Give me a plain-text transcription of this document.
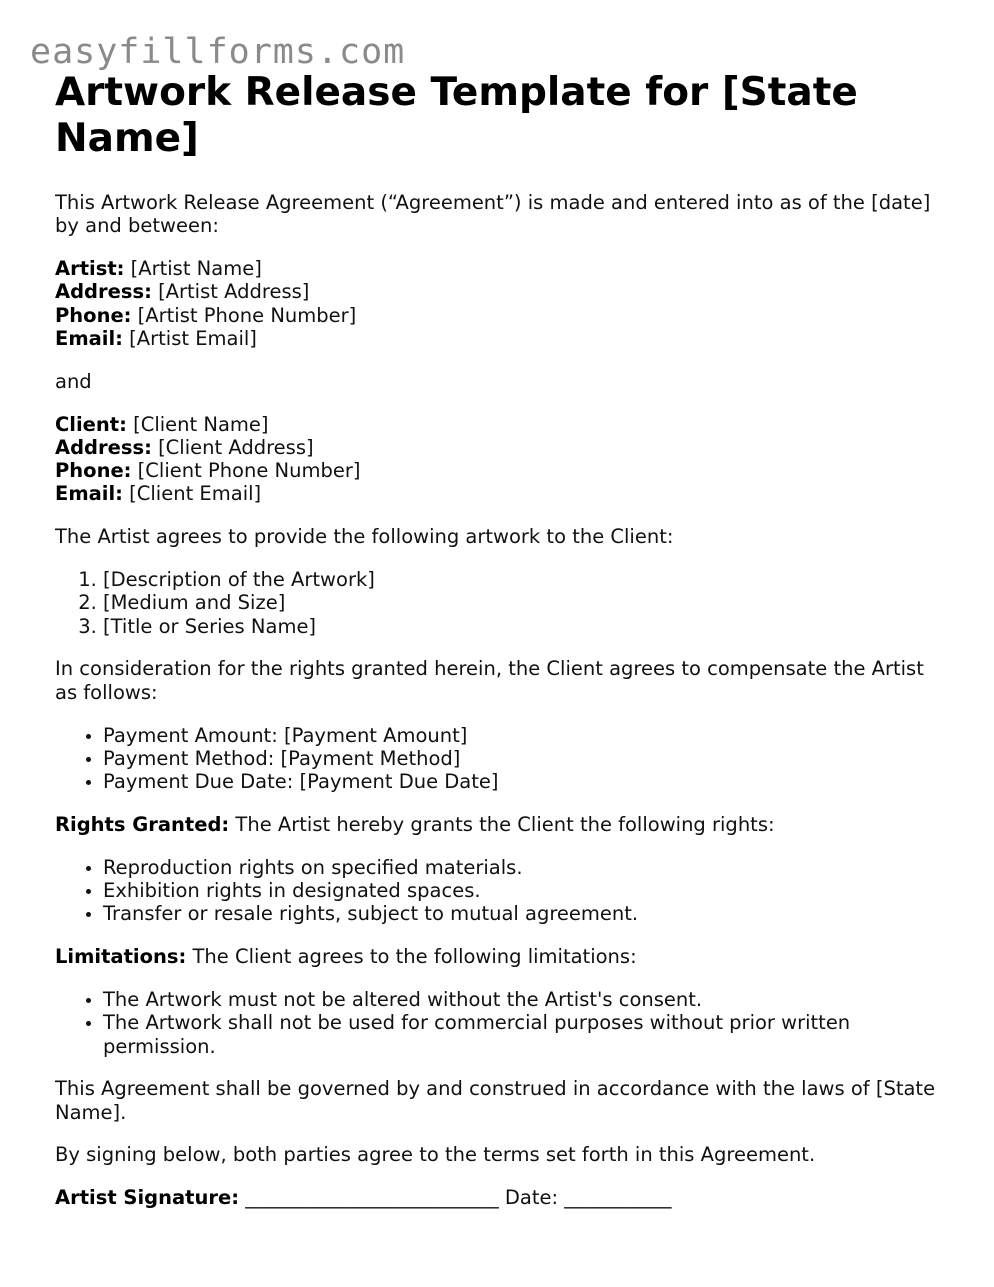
easyfillforms.com
Artwork Release Template for [State Name]

This Artwork Release Agreement (“Agreement”) is made and entered into as of the [date] by and between:

Artist: [Artist Name]
Address: [Artist Address]
Phone: [Artist Phone Number]
Email: [Artist Email]

and

Client: [Client Name]
Address: [Client Address]
Phone: [Client Phone Number]
Email: [Client Email]

The Artist agrees to provide the following artwork to the Client:

1. [Description of the Artwork]
2. [Medium and Size]
3. [Title or Series Name]

In consideration for the rights granted herein, the Client agrees to compensate the Artist as follows:

• Payment Amount: [Payment Amount]
• Payment Method: [Payment Method]
• Payment Due Date: [Payment Due Date]

Rights Granted: The Artist hereby grants the Client the following rights:

• Reproduction rights on specified materials.
• Exhibition rights in designated spaces.
• Transfer or resale rights, subject to mutual agreement.

Limitations: The Client agrees to the following limitations:

• The Artwork must not be altered without the Artist's consent.
• The Artwork shall not be used for commercial purposes without prior written permission.

This Agreement shall be governed by and construed in accordance with the laws of [State Name].

By signing below, both parties agree to the terms set forth in this Agreement.

Artist Signature: __________________________ Date: ___________
